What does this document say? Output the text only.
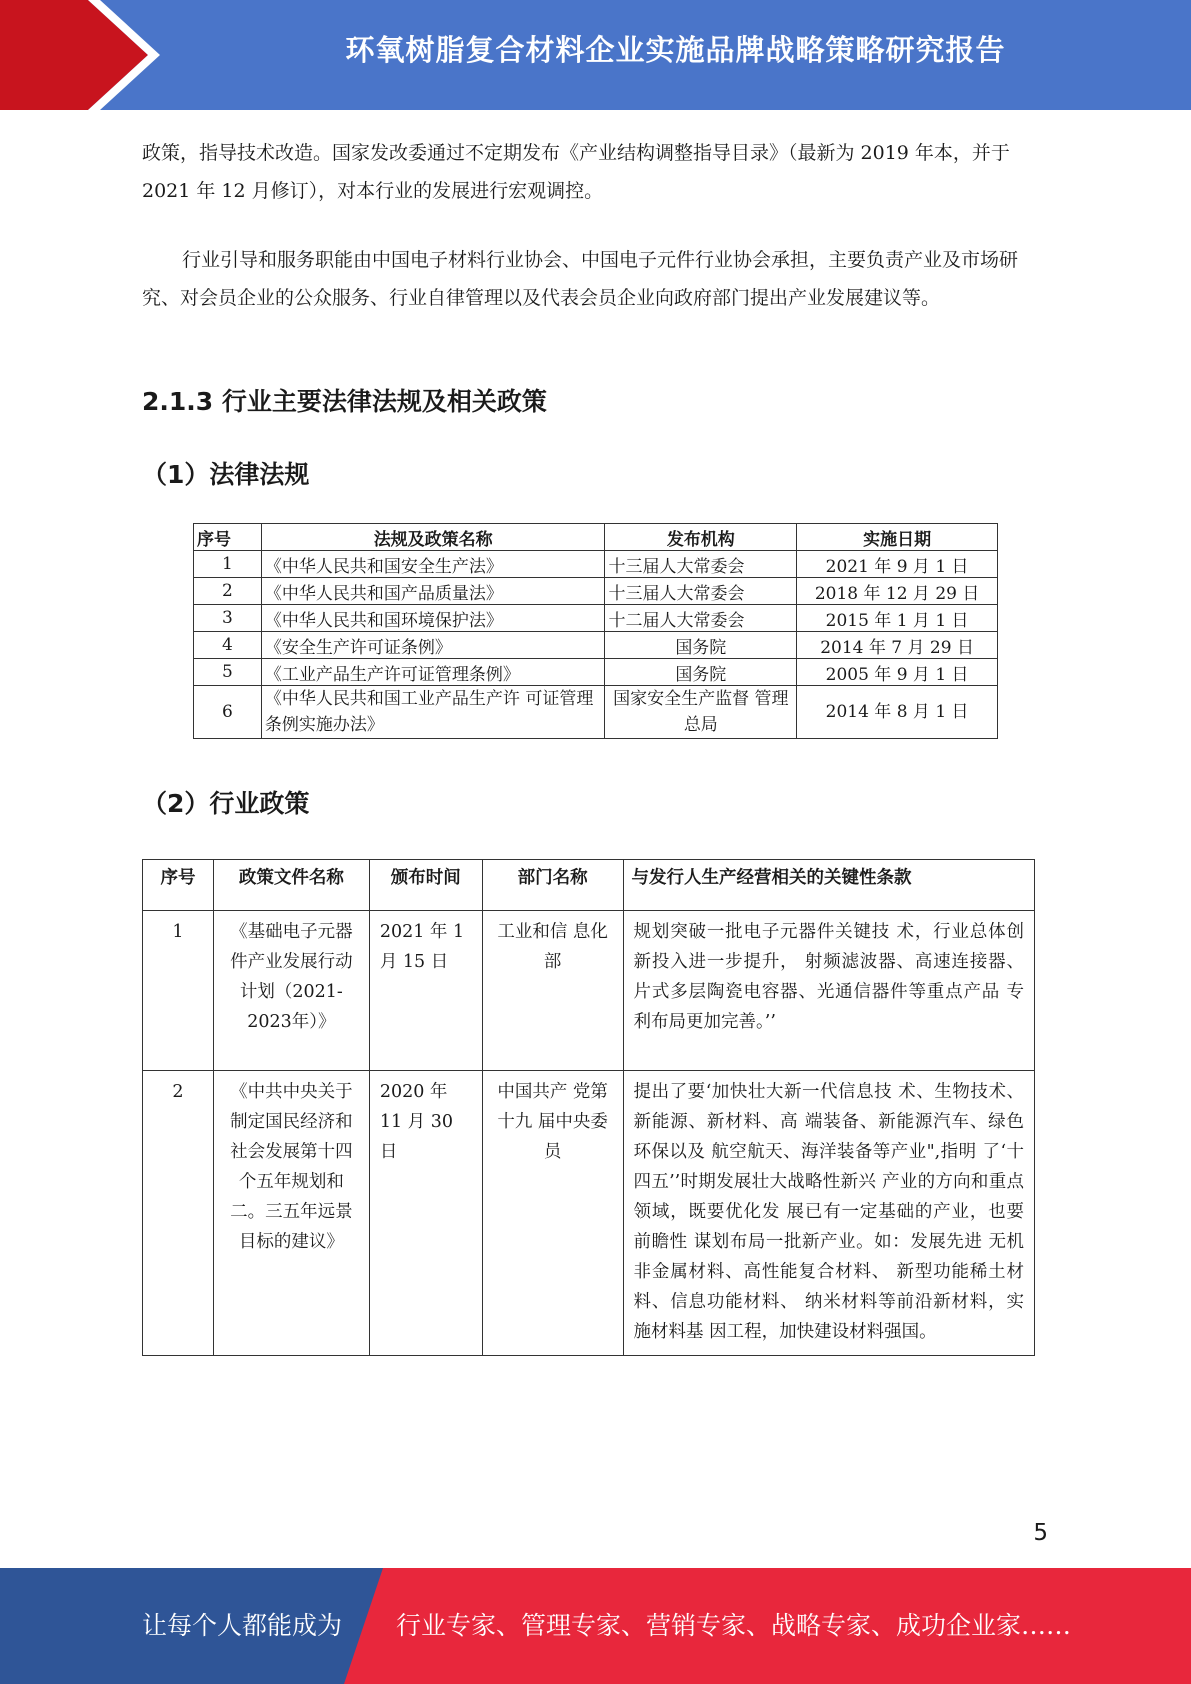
环氧树脂复合材料企业实施品牌战略策略研究报告

政策，指导技术改造。国家发改委通过不定期发布《产业结构调整指导目录》（最新为 2019 年本，并于 2021 年 12 月修订），对本行业的发展进行宏观调控。

行业引导和服务职能由中国电子材料行业协会、中国电子元件行业协会承担，主要负责产业及市场研究、对会员企业的公众服务、行业自律管理以及代表会员企业向政府部门提出产业发展建议等。

2.1.3 行业主要法律法规及相关政策
（1）法律法规
序号	法规及政策名称	发布机构	实施日期
1	《中华人民共和国安全生产法》	十三届人大常委会	2021 年 9 月 1 日
2	《中华人民共和国产品质量法》	十三届人大常委会	2018 年 12 月 29 日
3	《中华人民共和国环境保护法》	十二届人大常委会	2015 年 1 月 1 日
4	《安全生产许可证条例》	国务院	2014 年 7 月 29 日
5	《工业产品生产许可证管理条例》	国务院	2005 年 9 月 1 日
6	《中华人民共和国工业产品生产许 可证管理条例实施办法》	国家安全生产监督 管理总局	2014 年 8 月 1 日
（2）行业政策
序号	政策文件名称	颁布时间	部门名称	与发行人生产经营相关的关键性条款
1	《基础电子元器件产业发展行动计划（2021-2023年）》	2021 年 1 月 15 日	工业和信 息化部	规划突破一批电子元器件关键技 术，行业总体创新投入进一步提升， 射频滤波器、高速连接器、片式多层陶瓷电容器、光通信器件等重点产品 专利布局更加完善。’’
2	《中共中央关于制定国民经济和社会发展第十四个五年规划和二。三五年远景目标的建议》	2020 年 11 月 30 日	中国共产 党第十九 届中央委 员	提出了要‘加快壮大新一代信息技 术、生物技术、新能源、新材料、高 端装备、新能源汽车、绿色环保以及 航空航天、海洋装备等产业",指明 了‘十四五’’时期发展壮大战略性新兴 产业的方向和重点领域，既要优化发 展已有一定基础的产业，也要前瞻性 谋划布局一批新产业。如：发展先进 无机非金属材料、高性能复合材料、 新型功能稀土材料、信息功能材料、 纳米材料等前沿新材料，实施材料基 因工程，加快建设材料强国。
5
让每个人都能成为 行业专家、管理专家、营销专家、战略专家、成功企业家……
